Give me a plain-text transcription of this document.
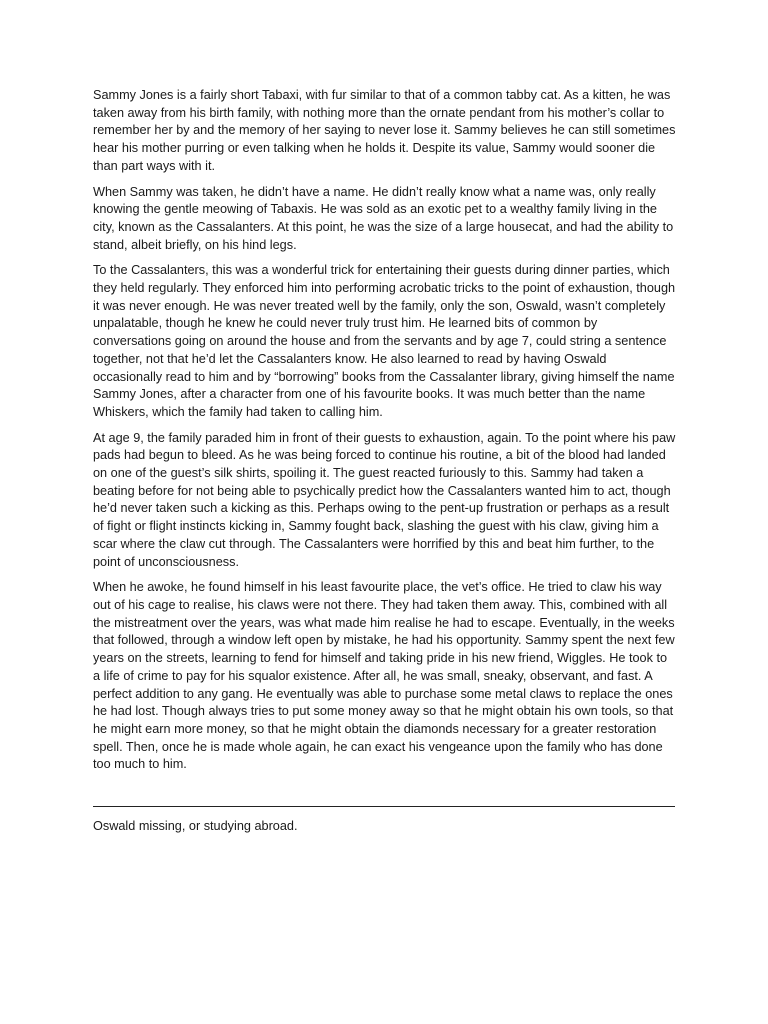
Sammy Jones is a fairly short Tabaxi, with fur similar to that of a common tabby cat. As a kitten, he was taken away from his birth family, with nothing more than the ornate pendant from his mother’s collar to remember her by and the memory of her saying to never lose it. Sammy believes he can still sometimes hear his mother purring or even talking when he holds it. Despite its value, Sammy would sooner die than part ways with it.

When Sammy was taken, he didn’t have a name. He didn’t really know what a name was, only really knowing the gentle meowing of Tabaxis. He was sold as an exotic pet to a wealthy family living in the city, known as the Cassalanters. At this point, he was the size of a large housecat, and had the ability to stand, albeit briefly, on his hind legs.

To the Cassalanters, this was a wonderful trick for entertaining their guests during dinner parties, which they held regularly. They enforced him into performing acrobatic tricks to the point of exhaustion, though it was never enough. He was never treated well by the family, only the son, Oswald, wasn’t completely unpalatable, though he knew he could never truly trust him. He learned bits of common by conversations going on around the house and from the servants and by age 7, could string a sentence together, not that he’d let the Cassalanters know. He also learned to read by having Oswald occasionally read to him and by “borrowing” books from the Cassalanter library, giving himself the name Sammy Jones, after a character from one of his favourite books. It was much better than the name Whiskers, which the family had taken to calling him.

At age 9, the family paraded him in front of their guests to exhaustion, again. To the point where his paw pads had begun to bleed. As he was being forced to continue his routine, a bit of the blood had landed on one of the guest’s silk shirts, spoiling it. The guest reacted furiously to this. Sammy had taken a beating before for not being able to psychically predict how the Cassalanters wanted him to act, though he’d never taken such a kicking as this. Perhaps owing to the pent-up frustration or perhaps as a result of fight or flight instincts kicking in, Sammy fought back, slashing the guest with his claw, giving him a scar where the claw cut through. The Cassalanters were horrified by this and beat him further, to the point of unconsciousness.

When he awoke, he found himself in his least favourite place, the vet’s office. He tried to claw his way out of his cage to realise, his claws were not there. They had taken them away. This, combined with all the mistreatment over the years, was what made him realise he had to escape. Eventually, in the weeks that followed, through a window left open by mistake, he had his opportunity. Sammy spent the next few years on the streets, learning to fend for himself and taking pride in his new friend, Wiggles. He took to a life of crime to pay for his squalor existence. After all, he was small, sneaky, observant, and fast. A perfect addition to any gang. He eventually was able to purchase some metal claws to replace the ones he had lost. Though always tries to put some money away so that he might obtain his own tools, so that he might earn more money, so that he might obtain the diamonds necessary for a greater restoration spell. Then, once he is made whole again, he can exact his vengeance upon the family who has done too much to him.

Oswald missing, or studying abroad.
